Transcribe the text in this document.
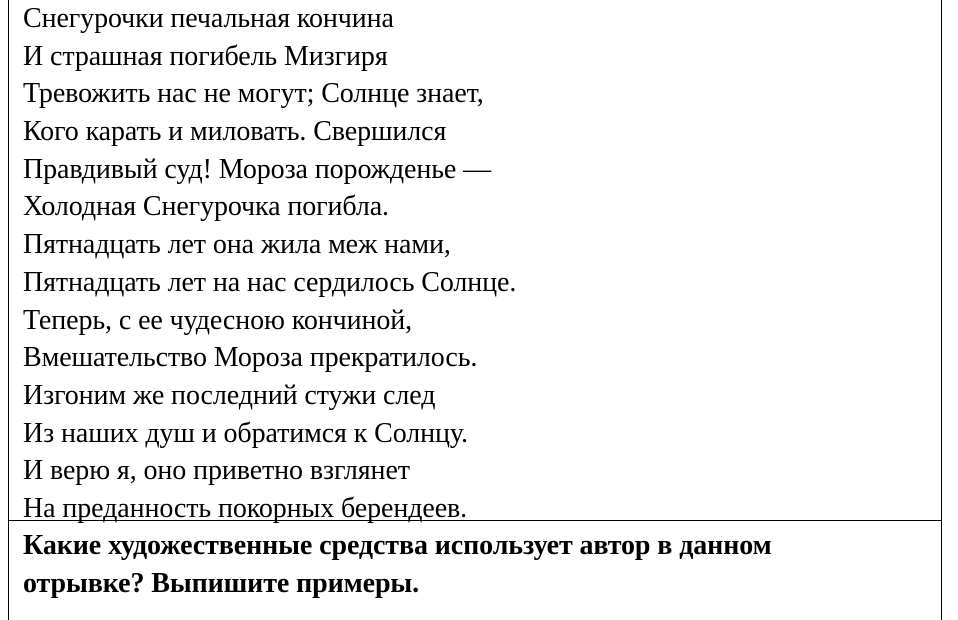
Снегурочки печальная кончина
И страшная погибель Мизгиря
Тревожить нас не могут; Солнце знает,
Кого карать и миловать. Свершился
Правдивый суд! Мороза порожденье —
Холодная Снегурочка погибла.
Пятнадцать лет она жила меж нами,
Пятнадцать лет на нас сердилось Солнце.
Теперь, с ее чудесною кончиной,
Вмешательство Мороза прекратилось.
Изгоним же последний стужи след
Из наших душ и обратимся к Солнцу.
И верю я, оно приветно взглянет
На преданность покорных берендеев.
Какие художественные средства использует автор в данном
отрывке? Выпишите примеры.
